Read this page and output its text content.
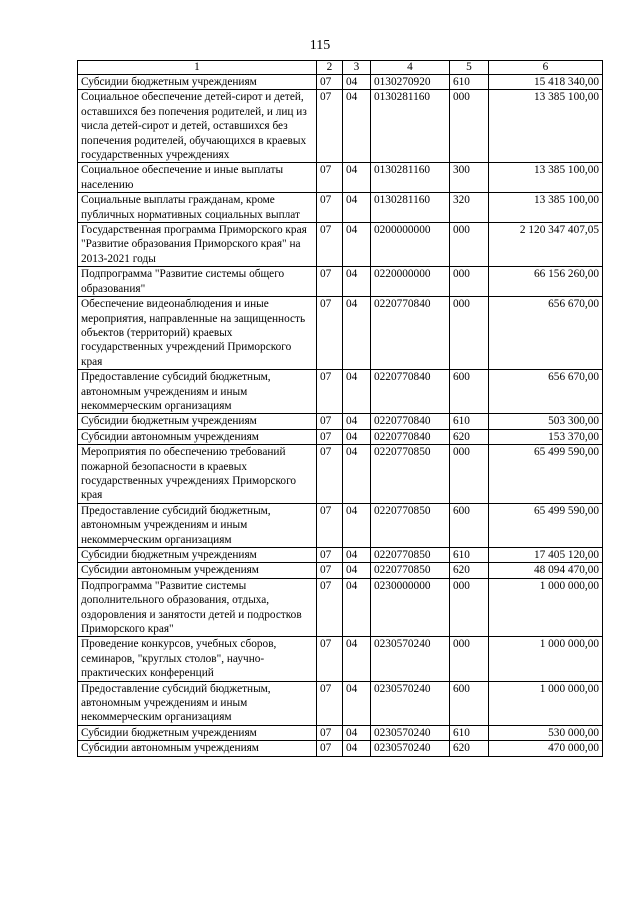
115
1	2	3	4	5	6
Субсидии бюджетным учреждениям	07	04	0130270920	610	15 418 340,00
Социальное обеспечение детей-сирот и детей, оставшихся без попечения родителей, и лиц из числа детей-сирот и детей, оставшихся без попечения родителей, обучающихся в краевых государственных учреждениях	07	04	0130281160	000	13 385 100,00
Социальное обеспечение и иные выплаты населению	07	04	0130281160	300	13 385 100,00
Социальные выплаты гражданам, кроме публичных нормативных социальных выплат	07	04	0130281160	320	13 385 100,00
Государственная программа Приморского края "Развитие образования Приморского края" на 2013-2021 годы	07	04	0200000000	000	2 120 347 407,05
Подпрограмма "Развитие системы общего образования"	07	04	0220000000	000	66 156 260,00
Обеспечение видеонаблюдения и иные мероприятия, направленные на защищенность объектов (территорий) краевых государственных учреждений Приморского края	07	04	0220770840	000	656 670,00
Предоставление субсидий бюджетным, автономным учреждениям и иным некоммерческим организациям	07	04	0220770840	600	656 670,00
Субсидии бюджетным учреждениям	07	04	0220770840	610	503 300,00
Субсидии автономным учреждениям	07	04	0220770840	620	153 370,00
Мероприятия по обеспечению требований пожарной безопасности в краевых государственных учреждениях Приморского края	07	04	0220770850	000	65 499 590,00
Предоставление субсидий бюджетным, автономным учреждениям и иным некоммерческим организациям	07	04	0220770850	600	65 499 590,00
Субсидии бюджетным учреждениям	07	04	0220770850	610	17 405 120,00
Субсидии автономным учреждениям	07	04	0220770850	620	48 094 470,00
Подпрограмма "Развитие системы дополнительного образования, отдыха, оздоровления и занятости детей и подростков Приморского края"	07	04	0230000000	000	1 000 000,00
Проведение конкурсов, учебных сборов, семинаров, "круглых столов", научно-практических конференций	07	04	0230570240	000	1 000 000,00
Предоставление субсидий бюджетным, автономным учреждениям и иным некоммерческим организациям	07	04	0230570240	600	1 000 000,00
Субсидии бюджетным учреждениям	07	04	0230570240	610	530 000,00
Субсидии автономным учреждениям	07	04	0230570240	620	470 000,00
